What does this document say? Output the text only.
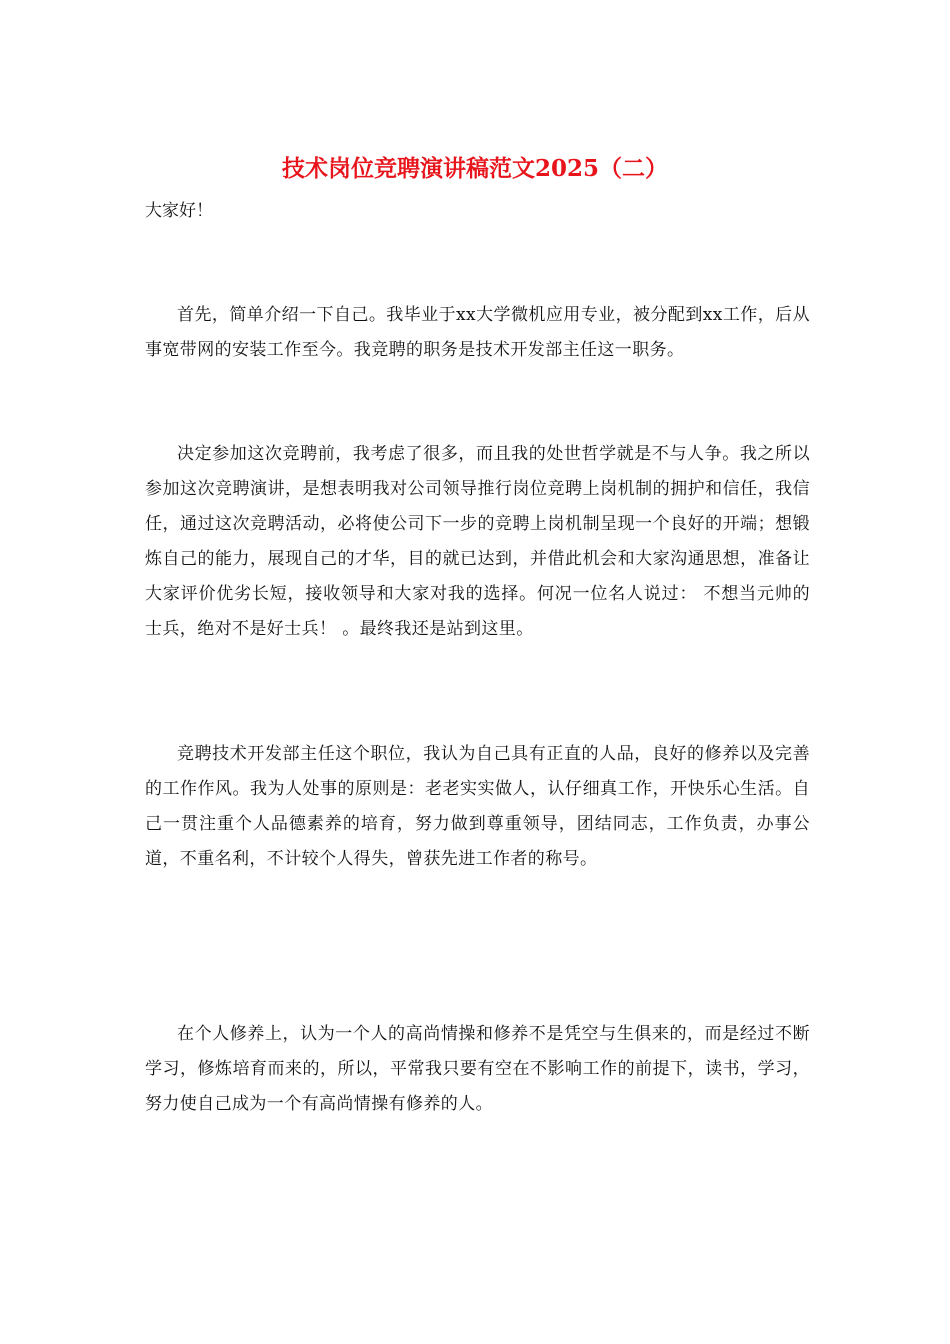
技术岗位竞聘演讲稿范文2025（二）

大家好！

首先，简单介绍一下自己。我毕业于xx大学微机应用专业，被分配到xx工作，后从事宽带网的安装工作至今。我竞聘的职务是技术开发部主任这一职务。

决定参加这次竞聘前，我考虑了很多，而且我的处世哲学就是不与人争。我之所以参加这次竞聘演讲，是想表明我对公司领导推行岗位竞聘上岗机制的拥护和信任，我信任，通过这次竞聘活动，必将使公司下一步的竞聘上岗机制呈现一个良好的开端；想锻炼自己的能力，展现自己的才华，目的就已达到，并借此机会和大家沟通思想，准备让大家评价优劣长短，接收领导和大家对我的选择。何况一位名人说过： 不想当元帅的士兵，绝对不是好士兵！ 。最终我还是站到这里。

竞聘技术开发部主任这个职位，我认为自己具有正直的人品，良好的修养以及完善的工作作风。我为人处事的原则是：老老实实做人，认仔细真工作，开快乐心生活。自己一贯注重个人品德素养的培育，努力做到尊重领导，团结同志，工作负责，办事公道，不重名利，不计较个人得失，曾获先进工作者的称号。

在个人修养上，认为一个人的高尚情操和修养不是凭空与生俱来的，而是经过不断学习，修炼培育而来的，所以，平常我只要有空在不影响工作的前提下，读书，学习，努力使自己成为一个有高尚情操有修养的人。
